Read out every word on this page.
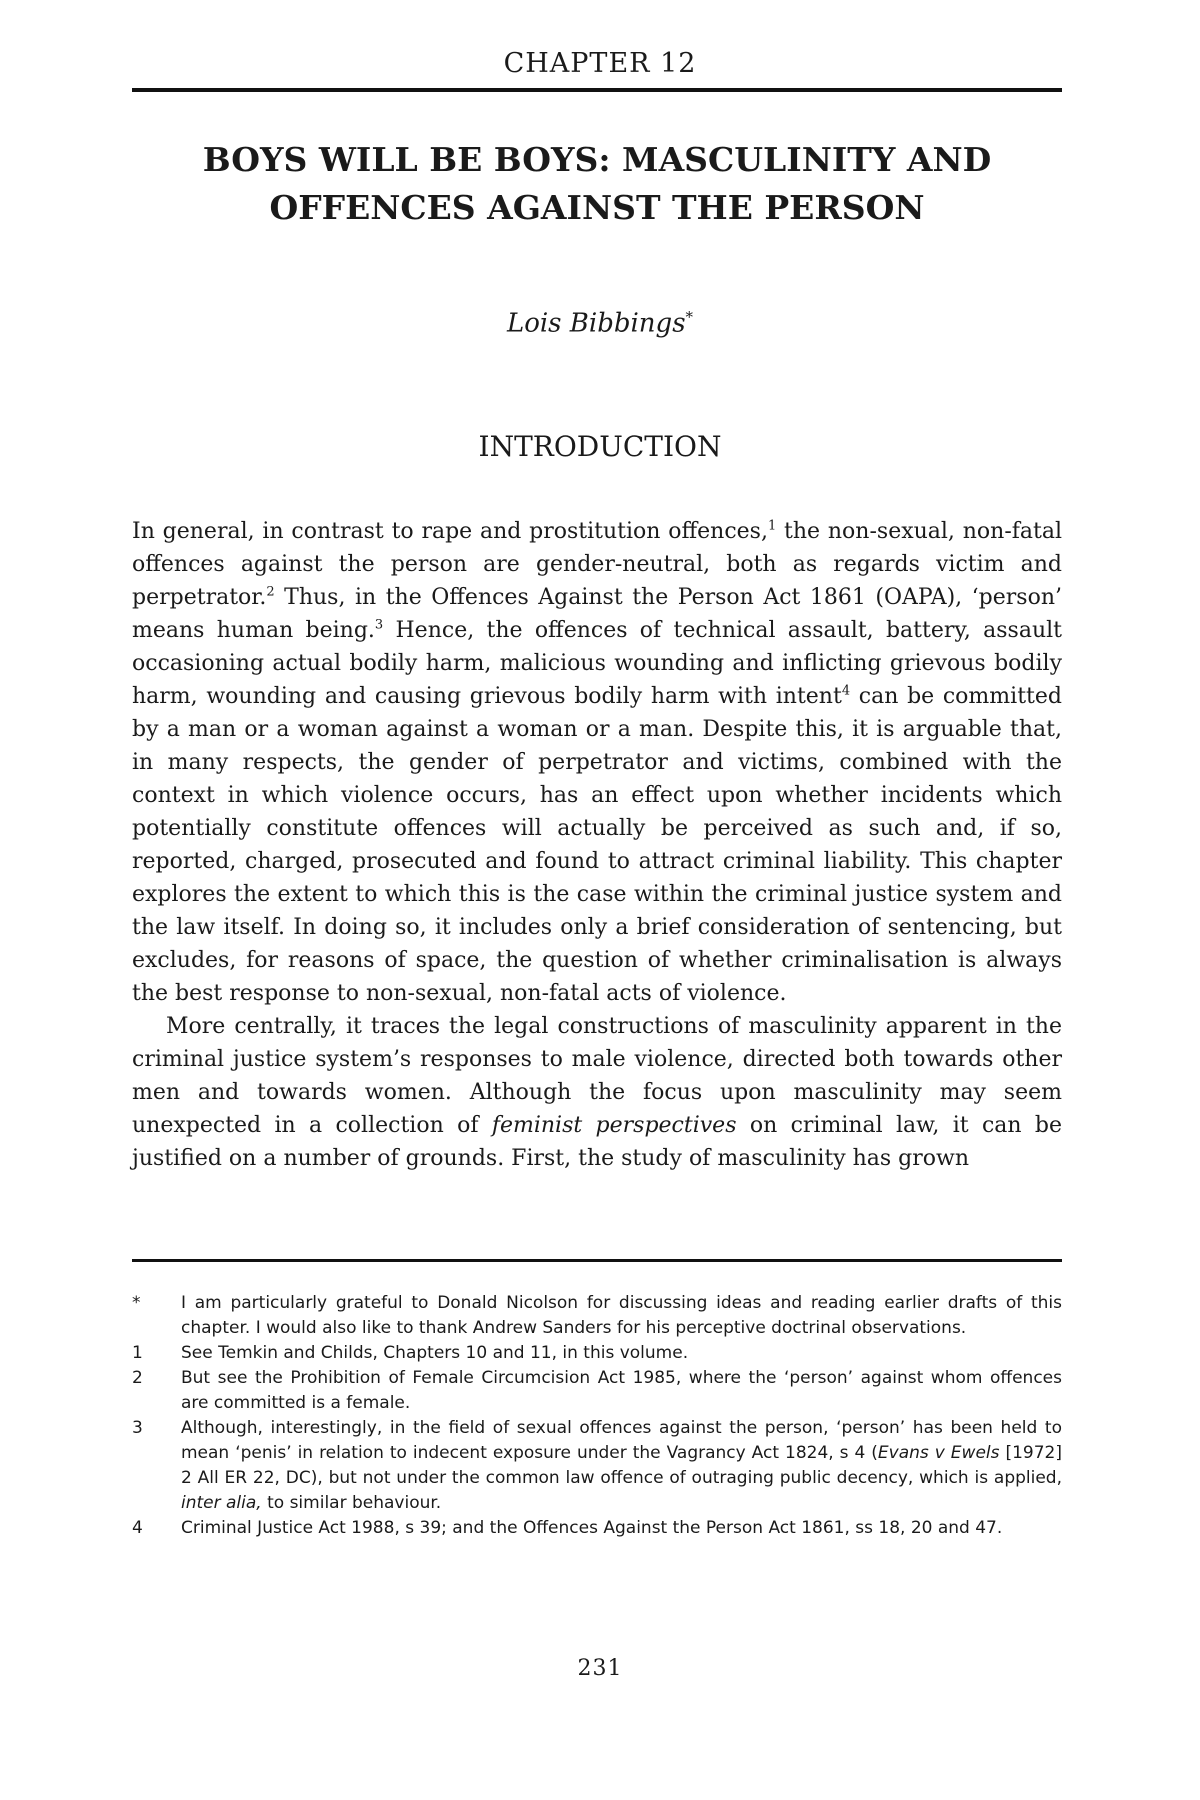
CHAPTER 12
BOYS WILL BE BOYS: MASCULINITY AND
OFFENCES AGAINST THE PERSON
Lois Bibbings*
INTRODUCTION

In general, in contrast to rape and prostitution offences,$^1$ the non-sexual, non-fatal offences against the person are gender-neutral, both as regards victim and perpetrator.$^2$ Thus, in the Offences Against the Person Act 1861 (OAPA), ‘person’ means human being.$^3$ Hence, the offences of technical assault, battery, assault occasioning actual bodily harm, malicious wounding and inflicting grievous bodily harm, wounding and causing grievous bodily harm with intent$^4$ can be committed by a man or a woman against a woman or a man. Despite this, it is arguable that, in many respects, the gender of perpetrator and victims, combined with the context in which violence occurs, has an effect upon whether incidents which potentially constitute offences will actually be perceived as such and, if so, reported, charged, prosecuted and found to attract criminal liability. This chapter explores the extent to which this is the case within the criminal justice system and the law itself. In doing so, it includes only a brief consideration of sentencing, but excludes, for reasons of space, the question of whether criminalisation is always the best response to non-sexual, non-fatal acts of violence.

More centrally, it traces the legal constructions of masculinity apparent in the criminal justice system’s responses to male violence, directed both towards other men and towards women. Although the focus upon masculinity may seem unexpected in a collection of feminist perspectives on criminal law, it can be justified on a number of grounds. First, the study of masculinity has grown

*	I am particularly grateful to Donald Nicolson for discussing ideas and reading earlier drafts of this chapter. I would also like to thank Andrew Sanders for his perceptive doctrinal observations.
1	See Temkin and Childs, Chapters 10 and 11, in this volume.
2	But see the Prohibition of Female Circumcision Act 1985, where the ‘person’ against whom offences are committed is a female.
3	Although, interestingly, in the field of sexual offences against the person, ‘person’ has been held to mean ‘penis’ in relation to indecent exposure under the Vagrancy Act 1824, s 4 (Evans v Ewels [1972] 2 All ER 22, DC), but not under the common law offence of outraging public decency, which is applied, inter alia, to similar behaviour.
4	Criminal Justice Act 1988, s 39; and the Offences Against the Person Act 1861, ss 18, 20 and 47.
231
